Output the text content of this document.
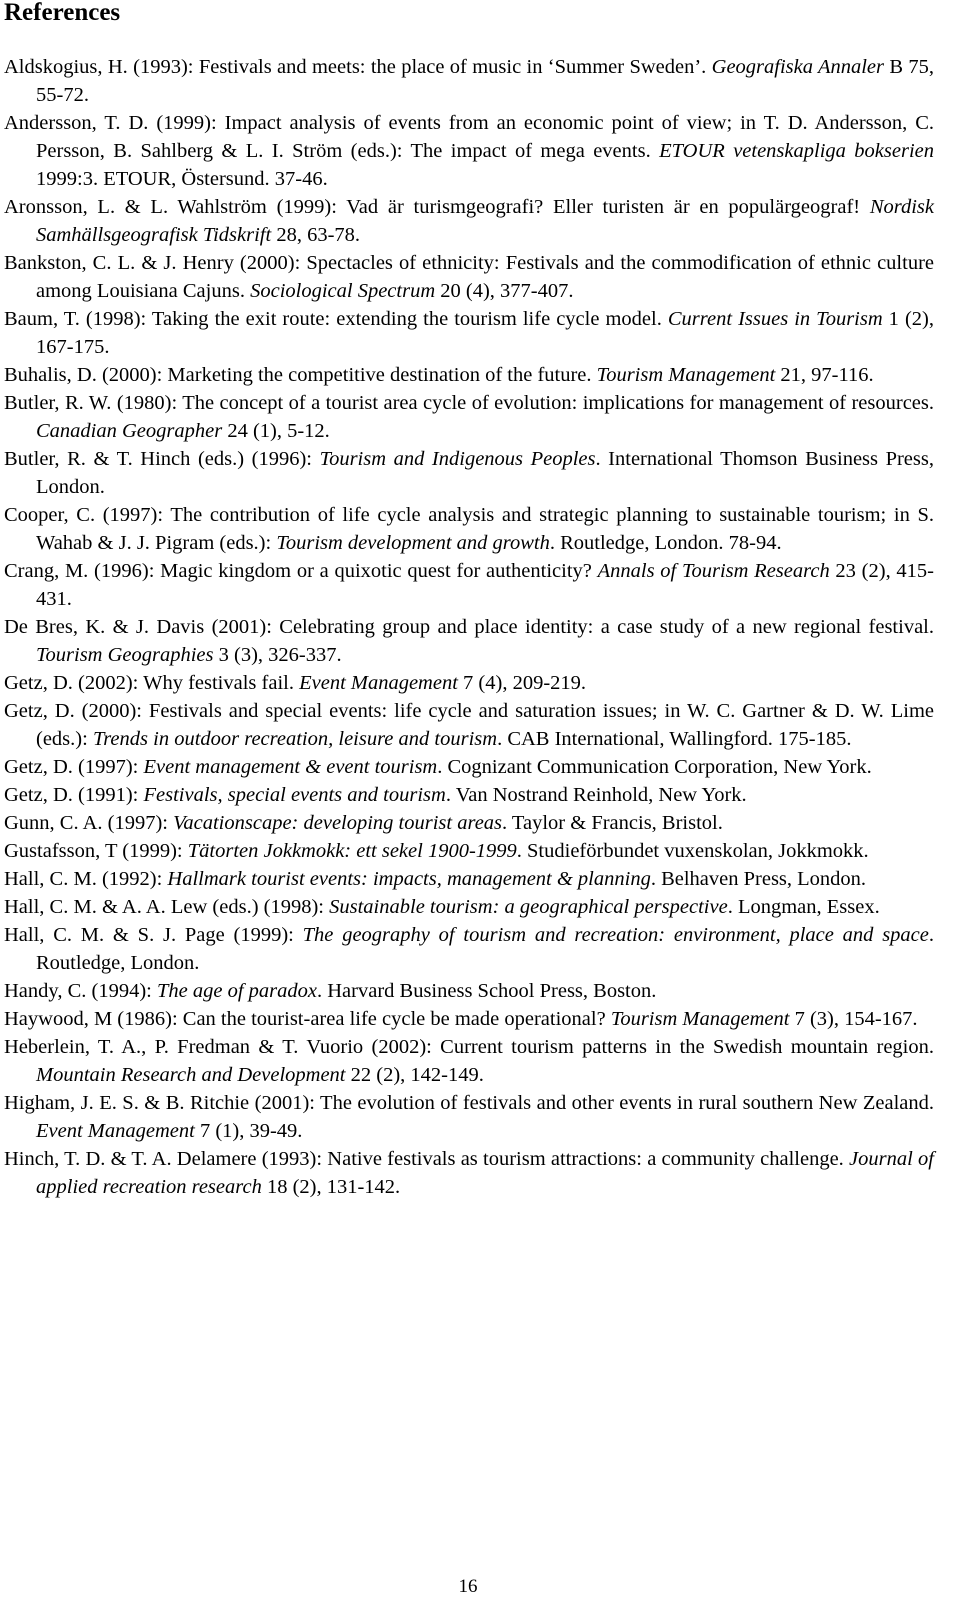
References

Aldskogius, H. (1993): Festivals and meets: the place of music in ‘Summer Sweden’. Geografiska Annaler B 75, 55-72.

Andersson, T. D. (1999): Impact analysis of events from an economic point of view; in T. D. Andersson, C. Persson, B. Sahlberg & L. I. Ström (eds.): The impact of mega events. ETOUR vetenskapliga bokserien 1999:3. ETOUR, Östersund. 37-46.

Aronsson, L. & L. Wahlström (1999): Vad är turismgeografi? Eller turisten är en populärgeograf! Nordisk Samhällsgeografisk Tidskrift 28, 63-78.

Bankston, C. L. & J. Henry (2000): Spectacles of ethnicity: Festivals and the commodification of ethnic culture among Louisiana Cajuns. Sociological Spectrum 20 (4), 377-407.

Baum, T. (1998): Taking the exit route: extending the tourism life cycle model. Current Issues in Tourism 1 (2), 167-175.

Buhalis, D. (2000): Marketing the competitive destination of the future. Tourism Management 21, 97-116.

Butler, R. W. (1980): The concept of a tourist area cycle of evolution: implications for management of resources. Canadian Geographer 24 (1), 5-12.

Butler, R. & T. Hinch (eds.) (1996): Tourism and Indigenous Peoples. International Thomson Business Press, London.

Cooper, C. (1997): The contribution of life cycle analysis and strategic planning to sustainable tourism; in S. Wahab & J. J. Pigram (eds.): Tourism development and growth. Routledge, London. 78-94.

Crang, M. (1996): Magic kingdom or a quixotic quest for authenticity? Annals of Tourism Research 23 (2), 415-431.

De Bres, K. & J. Davis (2001): Celebrating group and place identity: a case study of a new regional festival. Tourism Geographies 3 (3), 326-337.

Getz, D. (2002): Why festivals fail. Event Management 7 (4), 209-219.

Getz, D. (2000): Festivals and special events: life cycle and saturation issues; in W. C. Gartner & D. W. Lime (eds.): Trends in outdoor recreation, leisure and tourism. CAB International, Wallingford. 175-185.

Getz, D. (1997): Event management & event tourism. Cognizant Communication Corporation, New York.

Getz, D. (1991): Festivals, special events and tourism. Van Nostrand Reinhold, New York.

Gunn, C. A. (1997): Vacationscape: developing tourist areas. Taylor & Francis, Bristol.

Gustafsson, T (1999): Tätorten Jokkmokk: ett sekel 1900-1999. Studieförbundet vuxenskolan, Jokkmokk.

Hall, C. M. (1992): Hallmark tourist events: impacts, management & planning. Belhaven Press, London.

Hall, C. M. & A. A. Lew (eds.) (1998): Sustainable tourism: a geographical perspective. Longman, Essex.

Hall, C. M. & S. J. Page (1999): The geography of tourism and recreation: environment, place and space. Routledge, London.

Handy, C. (1994): The age of paradox. Harvard Business School Press, Boston.

Haywood, M (1986): Can the tourist-area life cycle be made operational? Tourism Management 7 (3), 154-167.

Heberlein, T. A., P. Fredman & T. Vuorio (2002): Current tourism patterns in the Swedish mountain region. Mountain Research and Development 22 (2), 142-149.

Higham, J. E. S. & B. Ritchie (2001): The evolution of festivals and other events in rural southern New Zealand. Event Management 7 (1), 39-49.

Hinch, T. D. & T. A. Delamere (1993): Native festivals as tourism attractions: a community challenge. Journal of applied recreation research 18 (2), 131-142.

16
